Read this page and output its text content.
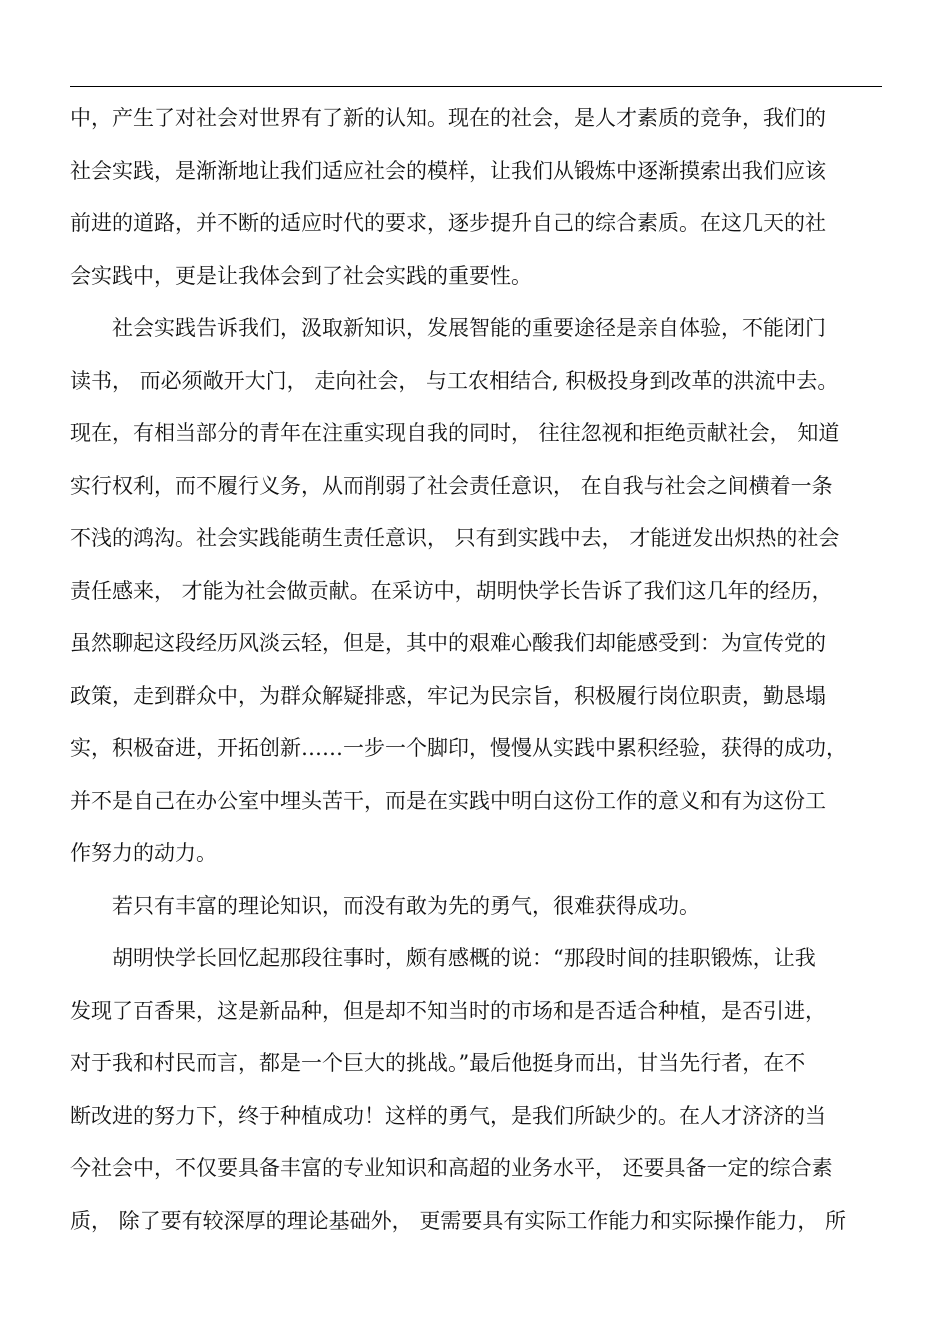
中，产生了对社会对世界有了新的认知。现在的社会，是人才素质的竞争，我们的
社会实践，是渐渐地让我们适应社会的模样，让我们从锻炼中逐渐摸索出我们应该
前进的道路，并不断的适应时代的要求，逐步提升自己的综合素质。在这几天的社
会实践中，更是让我体会到了社会实践的重要性。
　　社会实践告诉我们，汲取新知识，发展智能的重要途径是亲自体验，不能闭门
读书， 而必须敞开大门， 走向社会， 与工农相结合, 积极投身到改革的洪流中去。
现在，有相当部分的青年在注重实现自我的同时， 往往忽视和拒绝贡献社会， 知道
实行权利，而不履行义务，从而削弱了社会责任意识， 在自我与社会之间横着一条
不浅的鸿沟。社会实践能萌生责任意识， 只有到实践中去， 才能迸发出炽热的社会
责任感来， 才能为社会做贡献。在采访中，胡明快学长告诉了我们这几年的经历，
虽然聊起这段经历风淡云轻，但是，其中的艰难心酸我们却能感受到：为宣传党的
政策，走到群众中，为群众解疑排惑，牢记为民宗旨，积极履行岗位职责，勤恳塌
实，积极奋进，开拓创新……一步一个脚印，慢慢从实践中累积经验，获得的成功，
并不是自己在办公室中埋头苦干，而是在实践中明白这份工作的意义和有为这份工
作努力的动力。
　　若只有丰富的理论知识，而没有敢为先的勇气，很难获得成功。
　　胡明快学长回忆起那段往事时，颇有感概的说：“那段时间的挂职锻炼，让我
发现了百香果，这是新品种，但是却不知当时的市场和是否适合种植，是否引进，
对于我和村民而言，都是一个巨大的挑战。”最后他挺身而出，甘当先行者，在不
断改进的努力下，终于种植成功！这样的勇气，是我们所缺少的。在人才济济的当
今社会中，不仅要具备丰富的专业知识和高超的业务水平， 还要具备一定的综合素
质， 除了要有较深厚的理论基础外， 更需要具有实际工作能力和实际操作能力， 所
